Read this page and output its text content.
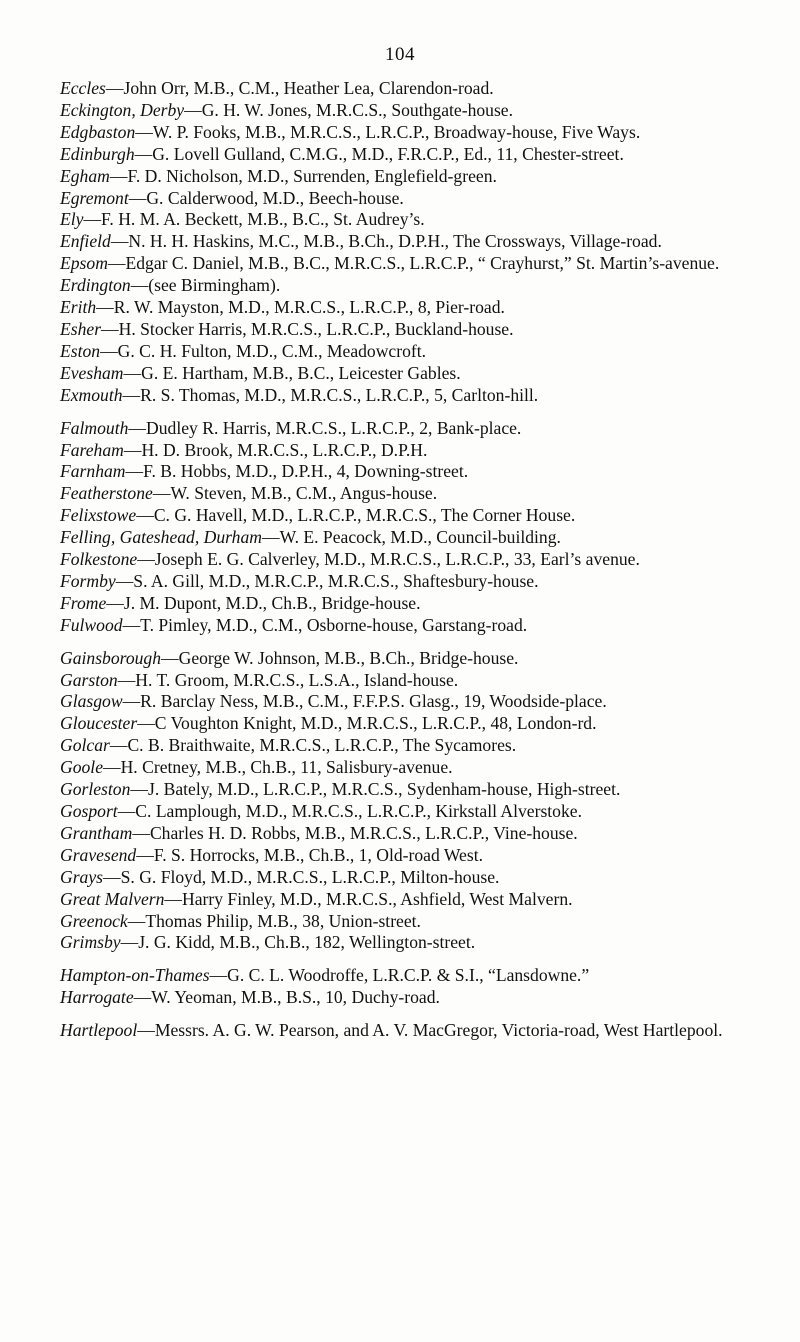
104

Eccles—John Orr, M.B., C.M., Heather Lea, Clarendon-road.

Eckington, Derby—G. H. W. Jones, M.R.C.S., Southgate-house.

Edgbaston—W. P. Fooks, M.B., M.R.C.S., L.R.C.P., Broadway-house, Five Ways.

Edinburgh—G. Lovell Gulland, C.M.G., M.D., F.R.C.P., Ed., 11, Chester-street.

Egham—F. D. Nicholson, M.D., Surrenden, Englefield-green.

Egremont—G. Calderwood, M.D., Beech-house.

Ely—F. H. M. A. Beckett, M.B., B.C., St. Audrey’s.

Enfield—N. H. H. Haskins, M.C., M.B., B.Ch., D.P.H., The Crossways, Village-road.

Epsom—Edgar C. Daniel, M.B., B.C., M.R.C.S., L.R.C.P., “ Crayhurst,” St. Martin’s-avenue.

Erdington—(see Birmingham).

Erith—R. W. Mayston, M.D., M.R.C.S., L.R.C.P., 8, Pier-road.

Esher—H. Stocker Harris, M.R.C.S., L.R.C.P., Buckland-house.

Eston—G. C. H. Fulton, M.D., C.M., Meadowcroft.

Evesham—G. E. Hartham, M.B., B.C., Leicester Gables.

Exmouth—R. S. Thomas, M.D., M.R.C.S., L.R.C.P., 5, Carlton-hill.

Falmouth—Dudley R. Harris, M.R.C.S., L.R.C.P., 2, Bank-place.

Fareham—H. D. Brook, M.R.C.S., L.R.C.P., D.P.H.

Farnham—F. B. Hobbs, M.D., D.P.H., 4, Downing-street.

Featherstone—W. Steven, M.B., C.M., Angus-house.

Felixstowe—C. G. Havell, M.D., L.R.C.P., M.R.C.S., The Corner House.

Felling, Gateshead, Durham—W. E. Peacock, M.D., Council-building.

Folkestone—Joseph E. G. Calverley, M.D., M.R.C.S., L.R.C.P., 33, Earl’s avenue.

Formby—S. A. Gill, M.D., M.R.C.P., M.R.C.S., Shaftesbury-house.

Frome—J. M. Dupont, M.D., Ch.B., Bridge-house.

Fulwood—T. Pimley, M.D., C.M., Osborne-house, Garstang-road.

Gainsborough—George W. Johnson, M.B., B.Ch., Bridge-house.

Garston—H. T. Groom, M.R.C.S., L.S.A., Island-house.

Glasgow—R. Barclay Ness, M.B., C.M., F.F.P.S. Glasg., 19, Woodside-place.

Gloucester—C Voughton Knight, M.D., M.R.C.S., L.R.C.P., 48, London-rd.

Golcar—C. B. Braithwaite, M.R.C.S., L.R.C.P., The Sycamores.

Goole—H. Cretney, M.B., Ch.B., 11, Salisbury-avenue.

Gorleston—J. Bately, M.D., L.R.C.P., M.R.C.S., Sydenham-house, High-street.

Gosport—C. Lamplough, M.D., M.R.C.S., L.R.C.P., Kirkstall Alverstoke.

Grantham—Charles H. D. Robbs, M.B., M.R.C.S., L.R.C.P., Vine-house.

Gravesend—F. S. Horrocks, M.B., Ch.B., 1, Old-road West.

Grays—S. G. Floyd, M.D., M.R.C.S., L.R.C.P., Milton-house.

Great Malvern—Harry Finley, M.D., M.R.C.S., Ashfield, West Malvern.

Greenock—Thomas Philip, M.B., 38, Union-street.

Grimsby—J. G. Kidd, M.B., Ch.B., 182, Wellington-street.

Hampton-on-Thames—G. C. L. Woodroffe, L.R.C.P. & S.I., “Lansdowne.”

Harrogate—W. Yeoman, M.B., B.S., 10, Duchy-road.

Hartlepool—Messrs. A. G. W. Pearson, and A. V. MacGregor, Victoria-road, West Hartlepool.
